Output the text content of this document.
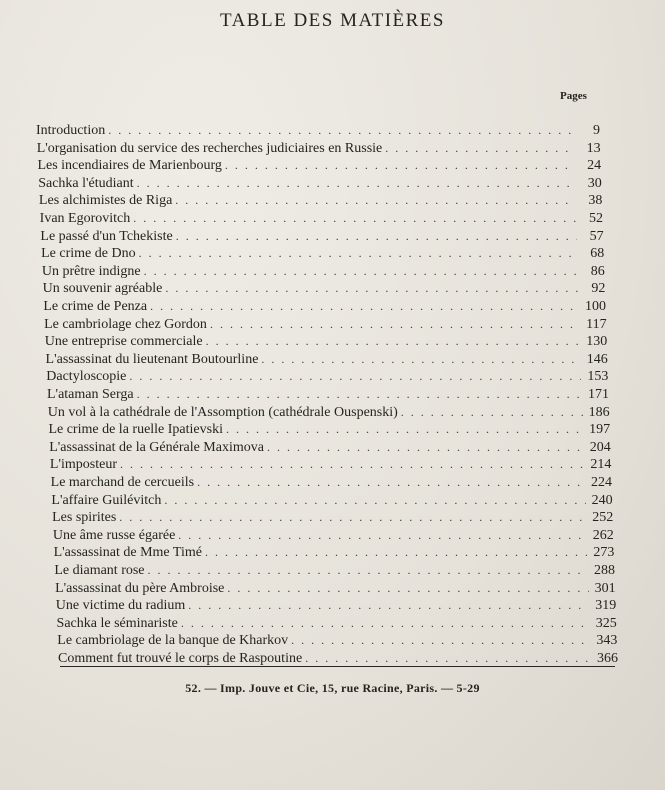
TABLE DES MATIÈRES
Pages
Introduction . . .	9
L'organisation du service des recherches judiciaires en Russie . . .	13
Les incendiaires de Marienbourg . . .	24
Sachka l'étudiant . . .	30
Les alchimistes de Riga . . .	38
Ivan Egorovitch . . .	52
Le passé d'un Tchekiste . . .	57
Le crime de Dno . . .	68
Un prêtre indigne . . .	86
Un souvenir agréable . . .	92
Le crime de Penza . . .	100
Le cambriolage chez Gordon . . .	117
Une entreprise commerciale . . .	130
L'assassinat du lieutenant Boutourline . . .	146
Dactyloscopie . . .	153
L'ataman Serga . . .	171
Un vol à la cathédrale de l'Assomption (cathédrale Ouspenski) . . .	186
Le crime de la ruelle Ipatievski . . .	197
L'assassinat de la Générale Maximova . . .	204
L'imposteur . . .	214
Le marchand de cercueils . . .	224
L'affaire Guilévitch . . .	240
Les spirites . . .	252
Une âme russe égarée . . .	262
L'assassinat de Mme Timé . . .	273
Le diamant rose . . .	288
L'assassinat du père Ambroise . . .	301
Une victime du radium . . .	319
Sachka le séminariste . . .	325
Le cambriolage de la banque de Kharkov . . .	343
Comment fut trouvé le corps de Raspoutine . . .	366
52. — Imp. Jouve et Cie, 15, rue Racine, Paris. — 5-29
